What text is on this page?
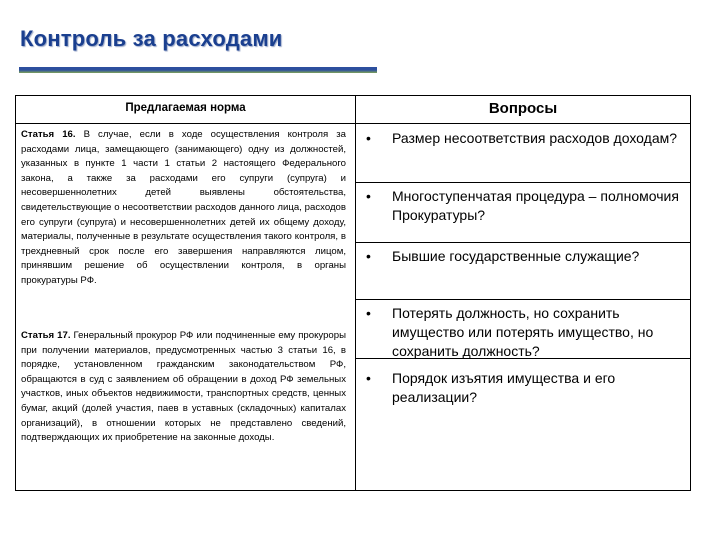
Контроль за расходами
Предлагаемая норма	Вопросы
Статья 16. В случае, если в ходе осуществления контроля за расходами лица, замещающего (занимающего) одну из должностей, указанных в пункте 1 части 1 статьи 2 настоящего Федерального закона, а также за расходами его супруги (супруга) и несовершеннолетних детей выявлены обстоятельства, свидетельствующие о несоответствии расходов данного лица, расходов его супруги (супруга) и несовершеннолетних детей их общему доходу, материалы, полученные в результате осуществления такого контроля, в трехдневный срок после его завершения направляются лицом, принявшим решение об осуществлении контроля, в органы прокуратуры РФ.
Статья 17. Генеральный прокурор РФ или подчиненные ему прокуроры при получении материалов, предусмотренных частью 3 статьи 16, в порядке, установленном гражданским законодательством РФ, обращаются в суд с заявлением об обращении в доход РФ земельных участков, иных объектов недвижимости, транспортных средств, ценных бумаг, акций (долей участия, паев в уставных (складочных) капиталах организаций), в отношении которых не представлено сведений, подтверждающих их приобретение на законные доходы.
• Размер несоответствия расходов доходам?
• Многоступенчатая процедура – полномочия Прокуратуры?
• Бывшие государственные служащие?
• Потерять должность, но сохранить имущество или потерять имущество, но сохранить должность?
• Порядок изъятия имущества и его реализации?
